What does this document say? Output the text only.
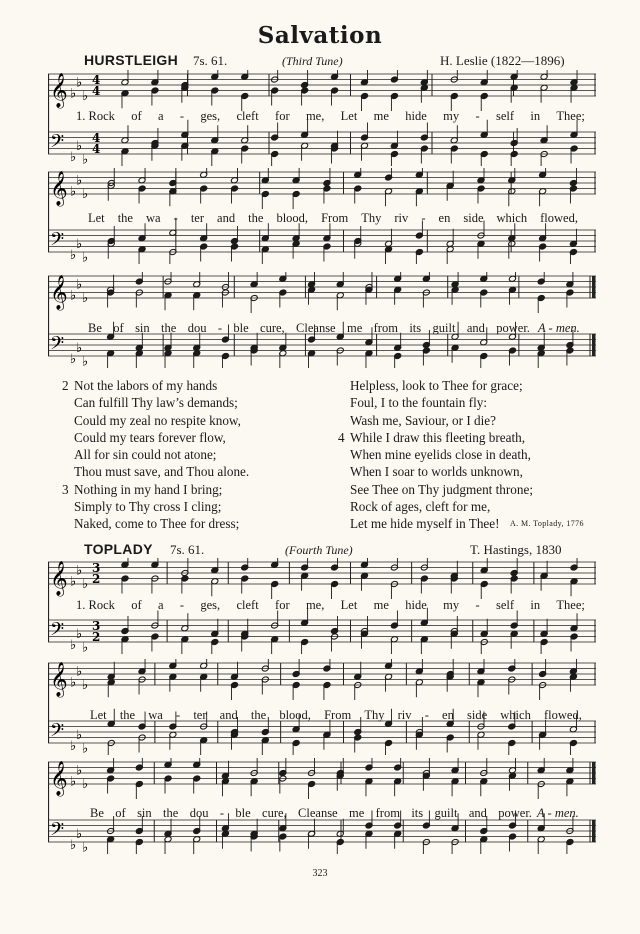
Salvation
HURSTLEIGH 7s. 61.	(Third Tune)	H. Leslie (1822—1896)
𝄞
𝄢
♭
♭
♭
♭
♭
♭
4
4
4
4
𝄞
𝄢
♭
♭
♭
♭
♭
♭
𝄞
𝄢
♭
♭
♭
♭
♭
♭
1. Rock of a - ges, cleft for me, Let me hide my - self in Thee;
Let the wa - ter and the blood, From Thy riv - en side which flowed,
Be of sin the dou - ble cure, Cleanse me from its guilt and power. A - men.
2 Not the labors of my hands
Can fulfill Thy law’s demands;
Could my zeal no respite know,
Could my tears forever flow,
All for sin could not atone;
Thou must save, and Thou alone.
3 Nothing in my hand I bring;
Simply to Thy cross I cling;
Naked, come to Thee for dress;
Helpless, look to Thee for grace;
Foul, I to the fountain fly:
Wash me, Saviour, or I die?
4 While I draw this fleeting breath,
When mine eyelids close in death,
When I soar to worlds unknown,
See Thee on Thy judgment throne;
Rock of ages, cleft for me,
Let me hide myself in Thee!	A. M. Toplady, 1776
TOPLADY 7s. 61.	(Fourth Tune)	T. Hastings, 1830
𝄞
𝄢
♭
♭
♭
♭
♭
♭
3
2
3
2
𝄞
𝄢
♭
♭
♭
♭
♭
♭
𝄞
𝄢
♭
♭
♭
♭
♭
♭
1. Rock of a - ges, cleft for me, Let me hide my - self in Thee;
Let the wa - ter and the blood, From Thy riv - en side which flowed,
Be of sin the dou - ble cure, Cleanse me from its guilt and power. A - men.
323
